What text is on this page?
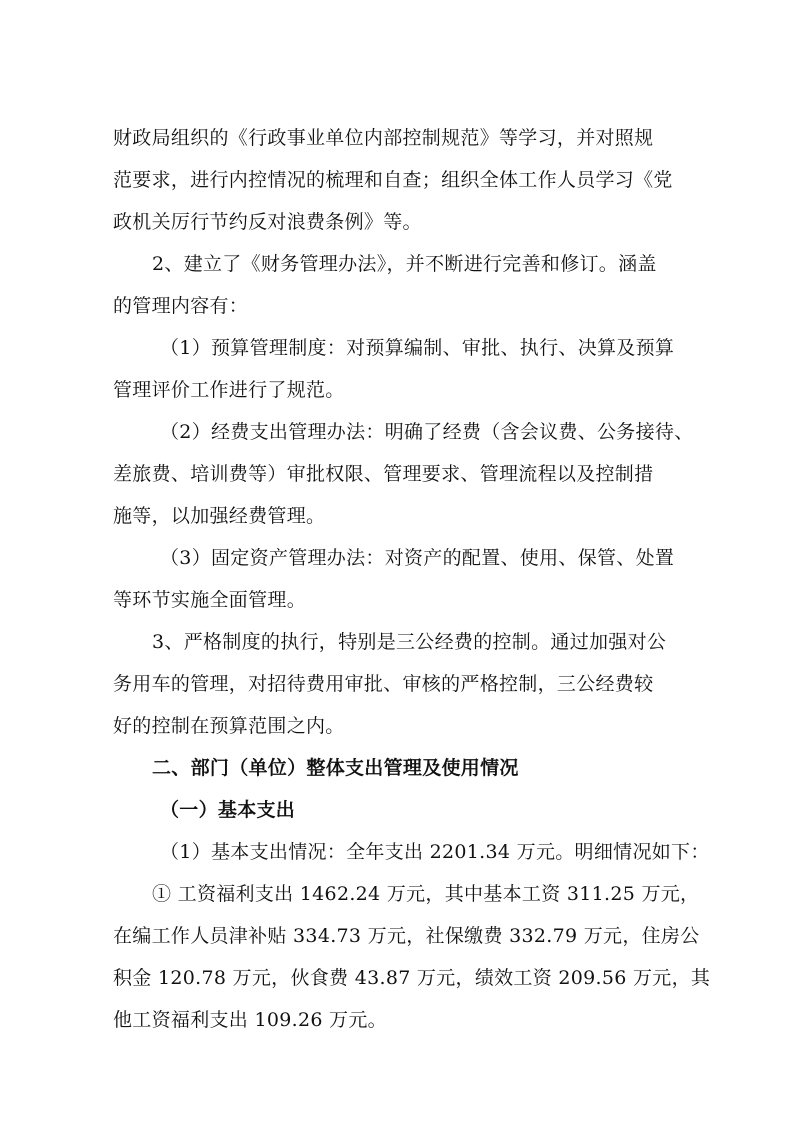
财政局组织的《行政事业单位内部控制规范》等学习，并对照规
范要求，进行内控情况的梳理和自查；组织全体工作人员学习《党
政机关厉行节约反对浪费条例》等。
2、建立了《财务管理办法》，并不断进行完善和修订。涵盖
的管理内容有：
（1）预算管理制度：对预算编制、审批、执行、决算及预算
管理评价工作进行了规范。
（2）经费支出管理办法：明确了经费（含会议费、公务接待、
差旅费、培训费等）审批权限、管理要求、管理流程以及控制措
施等，以加强经费管理。
（3）固定资产管理办法：对资产的配置、使用、保管、处置
等环节实施全面管理。
3、严格制度的执行，特别是三公经费的控制。通过加强对公
务用车的管理，对招待费用审批、审核的严格控制，三公经费较
好的控制在预算范围之内。
二、部门（单位）整体支出管理及使用情况
（一）基本支出
（1）基本支出情况：全年支出 2201.34 万元。明细情况如下：
① 工资福利支出 1462.24 万元，其中基本工资 311.25 万元，
在编工作人员津补贴 334.73 万元，社保缴费 332.79 万元，住房公
积金 120.78 万元，伙食费 43.87 万元，绩效工资 209.56 万元，其
他工资福利支出 109.26 万元。
